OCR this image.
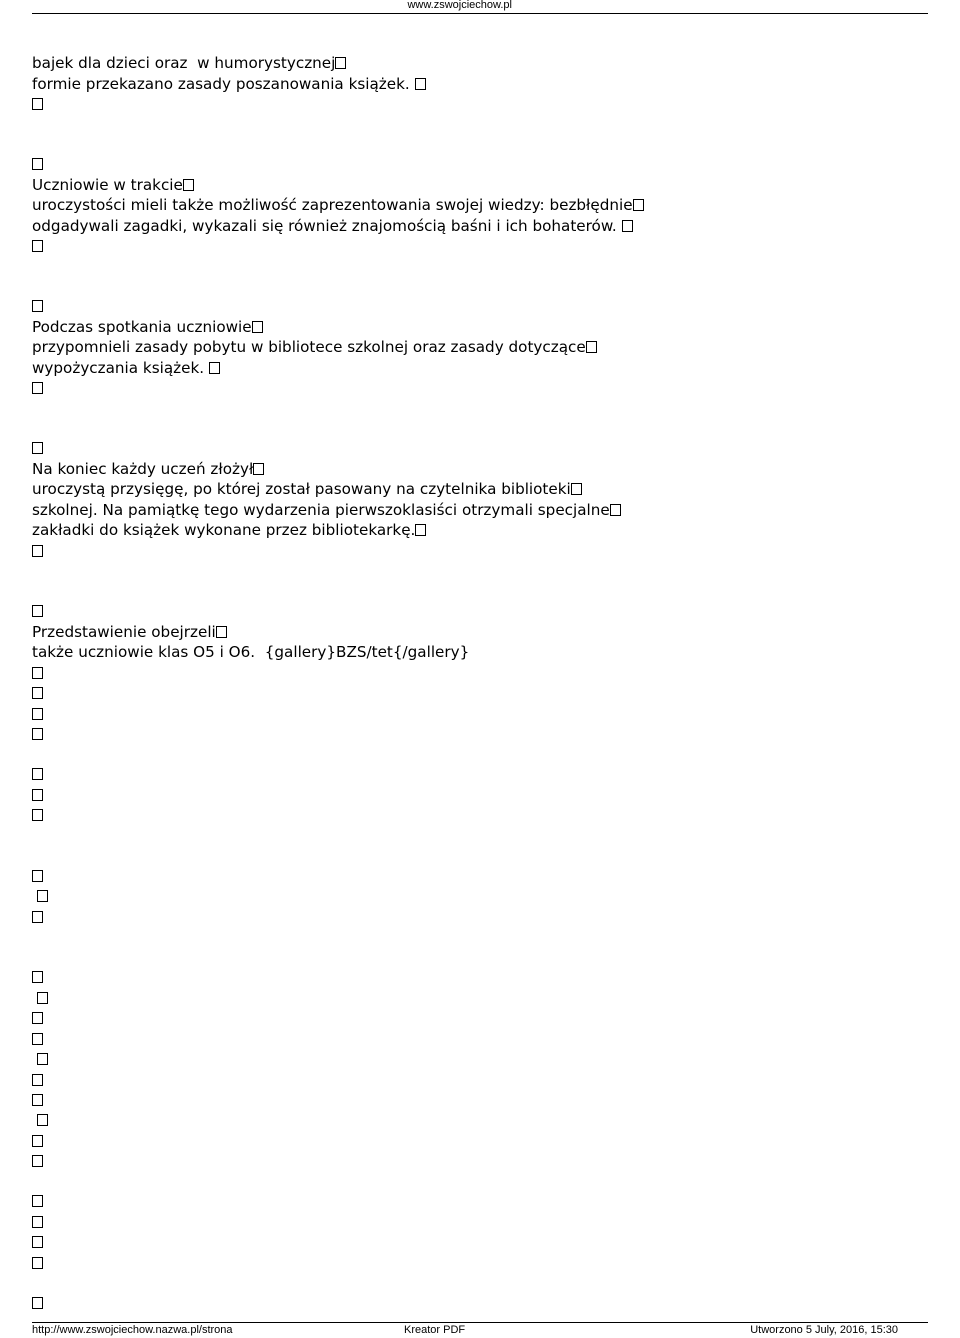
www.zswojciechow.pl
bajek dla dzieci oraz  w humorystycznej
formie przekazano zasady poszanowania książek.
Uczniowie w trakcie
uroczystości mieli także możliwość zaprezentowania swojej wiedzy: bezbłędnie
odgadywali zagadki, wykazali się również znajomością baśni i ich bohaterów.
Podczas spotkania uczniowie
przypomnieli zasady pobytu w bibliotece szkolnej oraz zasady dotyczące
wypożyczania książek.
Na koniec każdy uczeń złożył
uroczystą przysięgę, po której został pasowany na czytelnika biblioteki
szkolnej. Na pamiątkę tego wydarzenia pierwszoklasiści otrzymali specjalne
zakładki do książek wykonane przez bibliotekarkę.
Przedstawienie obejrzeli
także uczniowie klas O5 i O6.  {gallery}BZS/tet{/gallery}

http://www.zswojciechow.nazwa.pl/strona	Kreator PDF	Utworzono 5 July, 2016, 15:30
